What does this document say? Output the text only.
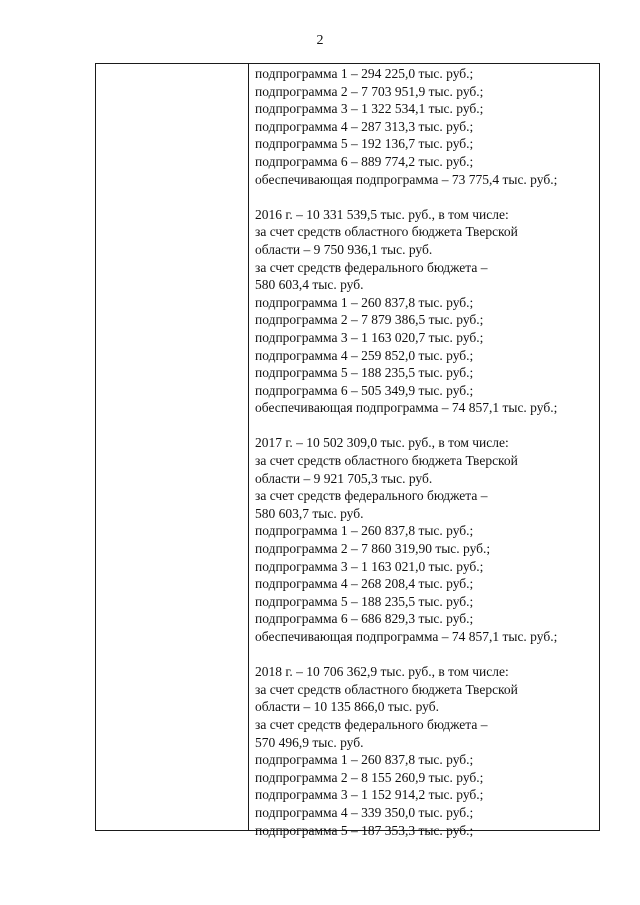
2
подпрограмма 1 – 294 225,0 тыс. руб.;
подпрограмма 2 – 7 703 951,9 тыс. руб.;
подпрограмма 3 – 1 322 534,1 тыс. руб.;
подпрограмма 4 – 287 313,3 тыс. руб.;
подпрограмма 5 – 192 136,7 тыс. руб.;
подпрограмма 6 – 889 774,2 тыс. руб.;
обеспечивающая подпрограмма – 73 775,4 тыс. руб.;
2016 г. – 10 331 539,5 тыс. руб., в том числе:
за счет средств областного бюджета Тверской
области – 9 750 936,1 тыс. руб.
за счет средств федерального бюджета –
580 603,4 тыс. руб.
подпрограмма 1 – 260 837,8 тыс. руб.;
подпрограмма 2 – 7 879 386,5 тыс. руб.;
подпрограмма 3 – 1 163 020,7 тыс. руб.;
подпрограмма 4 – 259 852,0 тыс. руб.;
подпрограмма 5 – 188 235,5 тыс. руб.;
подпрограмма 6 – 505 349,9 тыс. руб.;
обеспечивающая подпрограмма – 74 857,1 тыс. руб.;
2017 г. – 10 502 309,0 тыс. руб., в том числе:
за счет средств областного бюджета Тверской
области – 9 921 705,3 тыс. руб.
за счет средств федерального бюджета –
580 603,7 тыс. руб.
подпрограмма 1 – 260 837,8 тыс. руб.;
подпрограмма 2 – 7 860 319,90 тыс. руб.;
подпрограмма 3 – 1 163 021,0 тыс. руб.;
подпрограмма 4 – 268 208,4 тыс. руб.;
подпрограмма 5 – 188 235,5 тыс. руб.;
подпрограмма 6 – 686 829,3 тыс. руб.;
обеспечивающая подпрограмма – 74 857,1 тыс. руб.;
2018 г. – 10 706 362,9 тыс. руб., в том числе:
за счет средств областного бюджета Тверской
области – 10 135 866,0 тыс. руб.
за счет средств федерального бюджета –
570 496,9 тыс. руб.
подпрограмма 1 – 260 837,8 тыс. руб.;
подпрограмма 2 – 8 155 260,9 тыс. руб.;
подпрограмма 3 – 1 152 914,2 тыс. руб.;
подпрограмма 4 – 339 350,0 тыс. руб.;
подпрограмма 5 – 187 353,3 тыс. руб.;
